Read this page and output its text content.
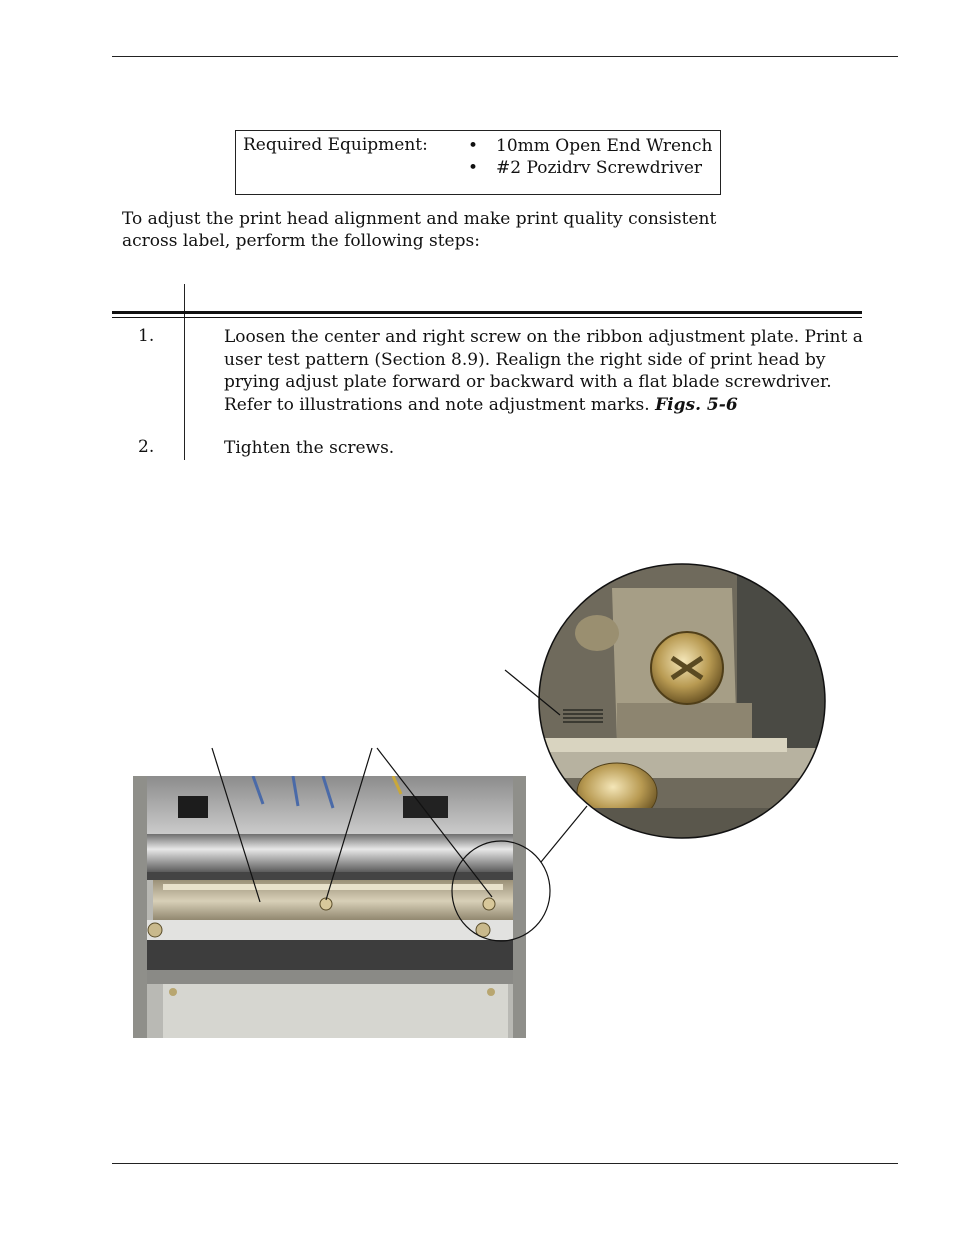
Required Equipment:
•	10mm Open End Wrench
• #2 Pozidrv Screwdriver
To adjust the print head alignment and make print quality consistent across label, perform the following steps:
1.	Loosen the center and right screw on the ribbon adjustment plate. Print a user test pattern (Section 8.9). Realign the right side of print head by prying adjust plate forward or backward with a flat blade screwdriver. Refer to illustrations and note adjustment marks. Figs. 5-6
2.	Tighten the screws.
